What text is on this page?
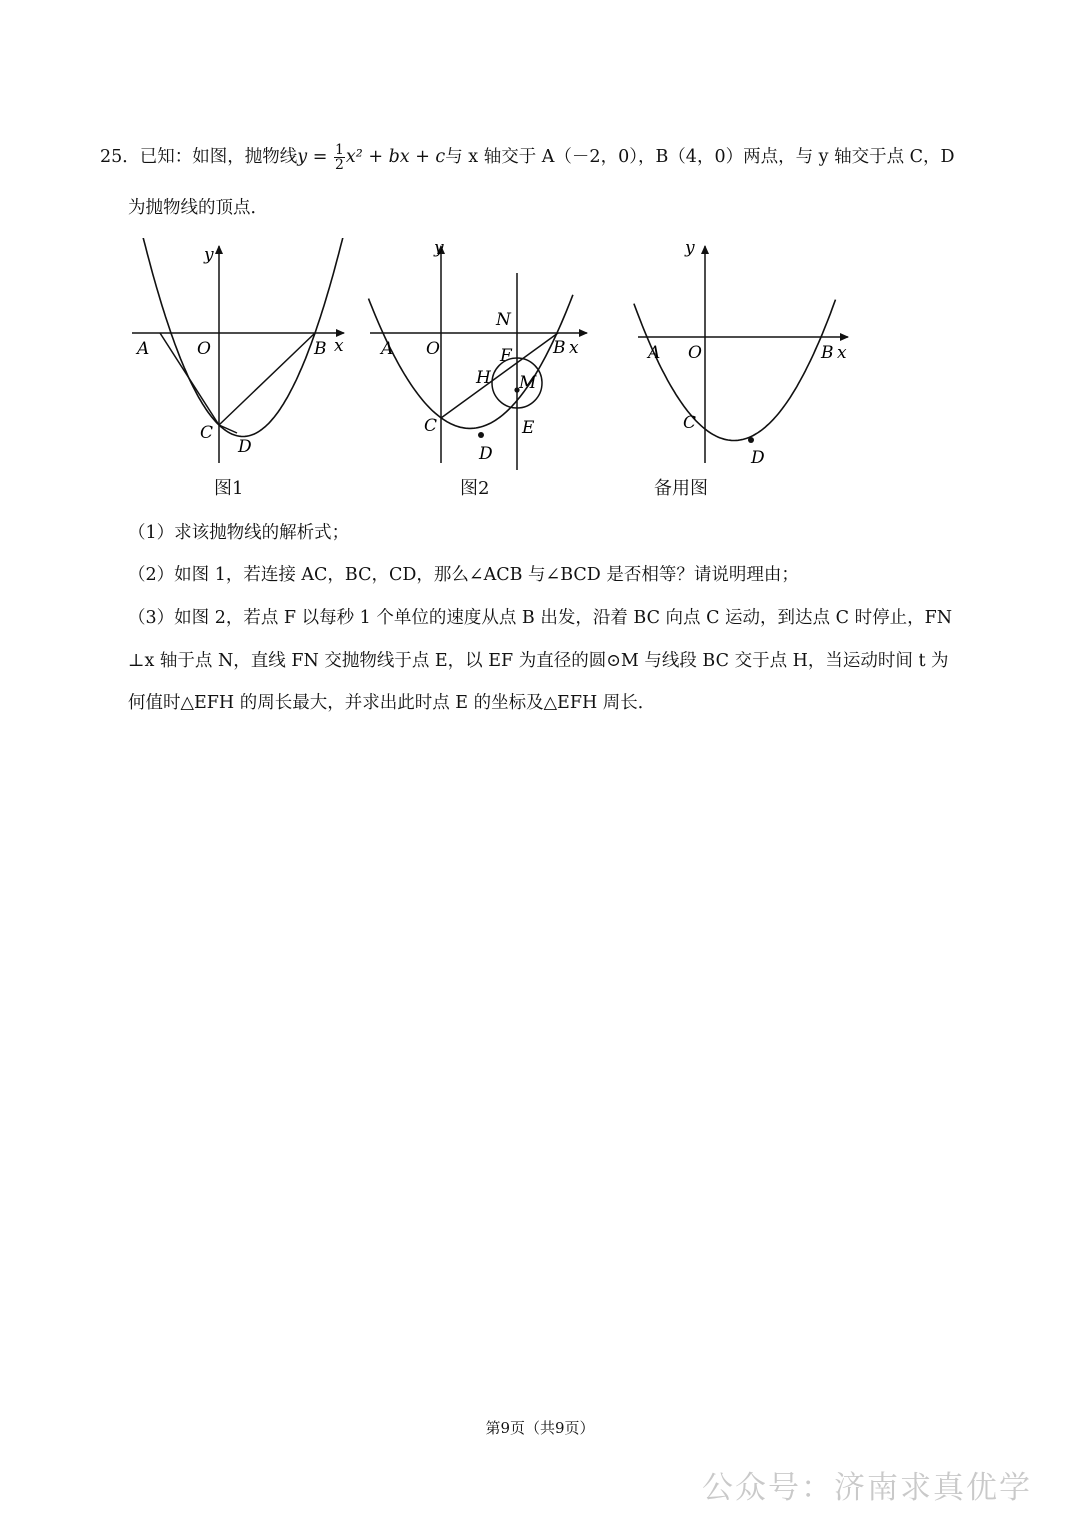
25．已知：如图，抛物线$y = \frac{1}{2} x^2$ + bx + c与 x 轴交于 A（－2，0），B（4，0）两点，与 y 轴交于点 C，D
为抛物线的顶点．
y
x
A	O	B
C
D
图1
y
x
A O	B
N
F
H M
E
C
D
图2
y
x
A O	B
C
D
备用图
（1）求该抛物线的解析式；
（2）如图 1，若连接 AC，BC，CD，那么∠ACB 与∠BCD 是否相等？请说明理由；
（3）如图 2，若点 F 以每秒 1 个单位的速度从点 B 出发，沿着 BC 向点 C 运动，到达点 C 时停止，FN
⊥x 轴于点 N，直线 FN 交抛物线于点 E，以 EF 为直径的圆⊙M 与线段 BC 交于点 H，当运动时间 t 为
何值时△EFH 的周长最大，并求出此时点 E 的坐标及△EFH 周长．
第9页（共9页）
公众号：济南求真优学
